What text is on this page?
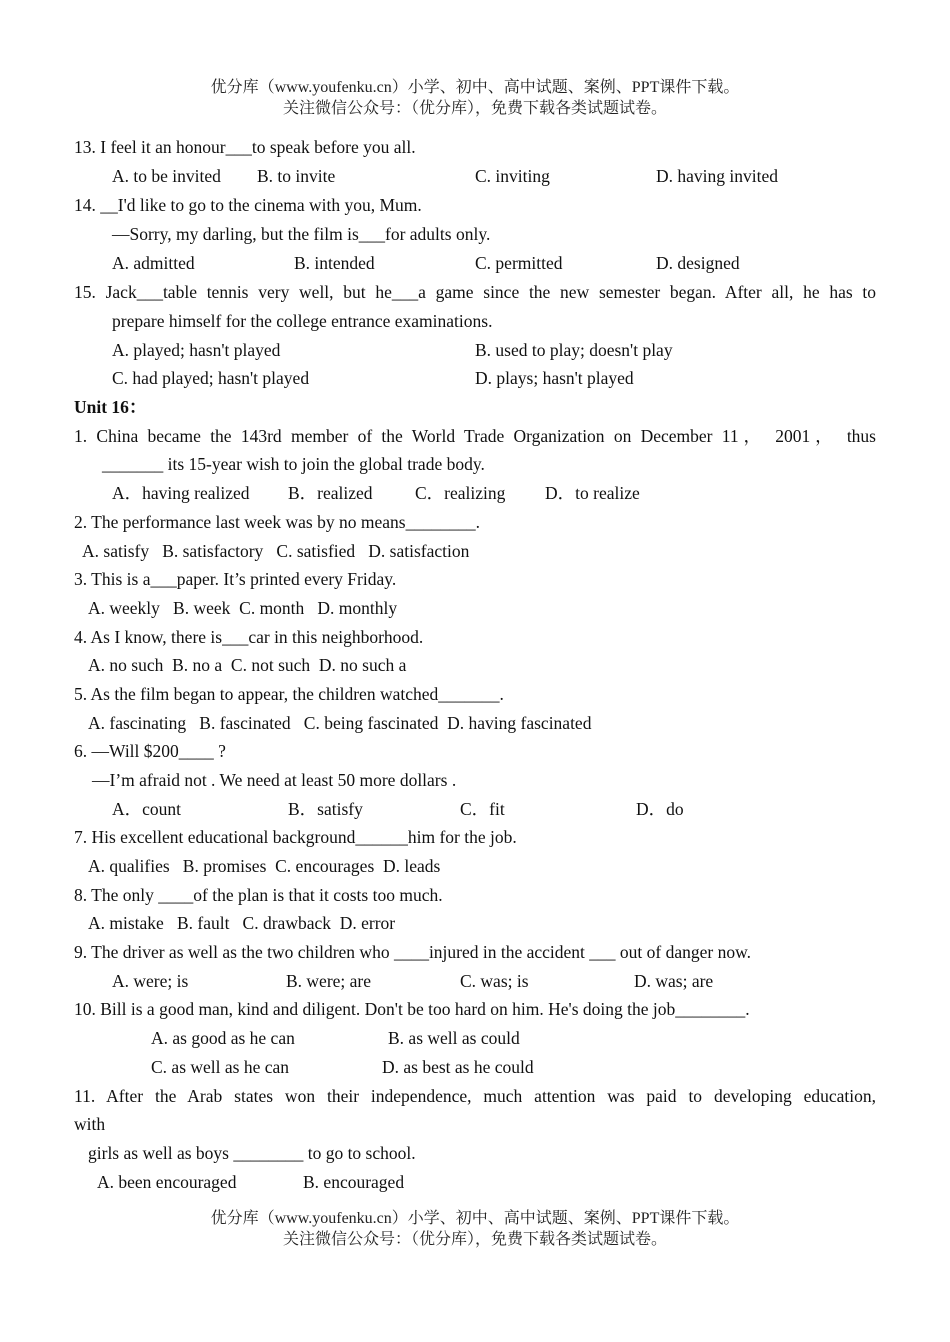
优分库（www.youfenku.cn）小学、初中、高中试题、案例、PPT课件下载。
关注微信公众号：（优分库），免费下载各类试题试卷。
13. I feel it an honour___to speak before you all.
A. to be invited B. to invite	C. inviting	D. having invited
14. __I'd like to go to the cinema with you, Mum.
—Sorry, my darling, but the film is___for adults only.
A. admitted	B. intended	C. permitted	D. designed
15. Jack___table tennis very well, but he___a game since the new semester began. After all, he has to
prepare himself for the college entrance examinations.
A. played; hasn't played	B. used to play; doesn't play
C. had played; hasn't played	D. plays; hasn't played
Unit 16：
1. China became the 143rd member of the World Trade Organization on December 11， 2001， thus
_______ its 15-year wish to join the global trade body.
A．having realized B．realized C．realizing D．to realize
2. The performance last week was by no means________.
A. satisfy   B. satisfactory   C. satisfied   D. satisfaction
3. This is a___paper. It’s printed every Friday.
A. weekly   B. week  C. month   D. monthly
4. As I know, there is___car in this neighborhood.
A. no such  B. no a  C. not such  D. no such a
5. As the film began to appear, the children watched_______.
A. fascinating   B. fascinated   C. being fascinated  D. having fascinated
6. —Will $200____ ?
—I’m afraid not . We need at least 50 more dollars .
A．count	B．satisfy	C．fit	D．do
7. His excellent educational background______him for the job.
A. qualifies   B. promises  C. encourages  D. leads
8. The only ____of the plan is that it costs too much.
A. mistake   B. fault   C. drawback  D. error
9. The driver as well as the two children who ____injured in the accident ___ out of danger now.
A. were; is	B. were; are	C. was; is	D. was; are
10. Bill is a good man, kind and diligent. Don't be too hard on him. He's doing the job________.
A. as good as he can	B. as well as could
C. as well as he can	D. as best as he could
11. After the Arab states won their independence, much attention was paid to developing education,
with
girls as well as boys ________ to go to school.
A. been encouraged	B. encouraged
优分库（www.youfenku.cn）小学、初中、高中试题、案例、PPT课件下载。
关注微信公众号：（优分库），免费下载各类试题试卷。
